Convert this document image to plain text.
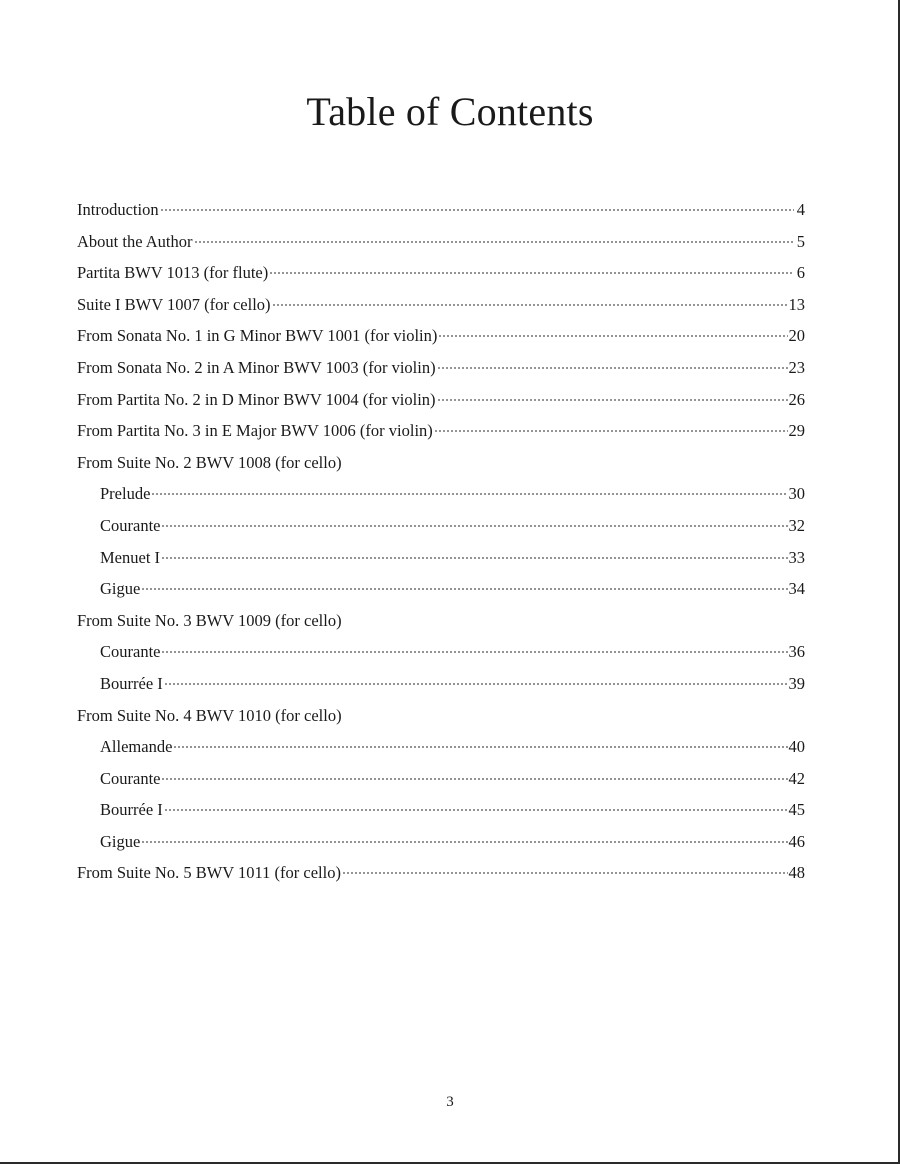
Table of Contents
Introduction	4
About the Author	5
Partita BWV 1013 (for flute)	6
Suite I BWV 1007 (for cello)	13
From Sonata No. 1 in G Minor BWV 1001 (for violin)	20
From Sonata No. 2 in A Minor BWV 1003 (for violin)	23
From Partita No. 2 in D Minor BWV 1004 (for violin)	26
From Partita No. 3 in E Major BWV 1006 (for violin)	29
From Suite No. 2 BWV 1008 (for cello)
Prelude	30
Courante	32
Menuet I	33
Gigue	34
From Suite No. 3 BWV 1009 (for cello)
Courante	36
Bourrée I	39
From Suite No. 4 BWV 1010 (for cello)
Allemande	40
Courante	42
Bourrée I	45
Gigue	46
From Suite No. 5 BWV 1011 (for cello)	48
3
